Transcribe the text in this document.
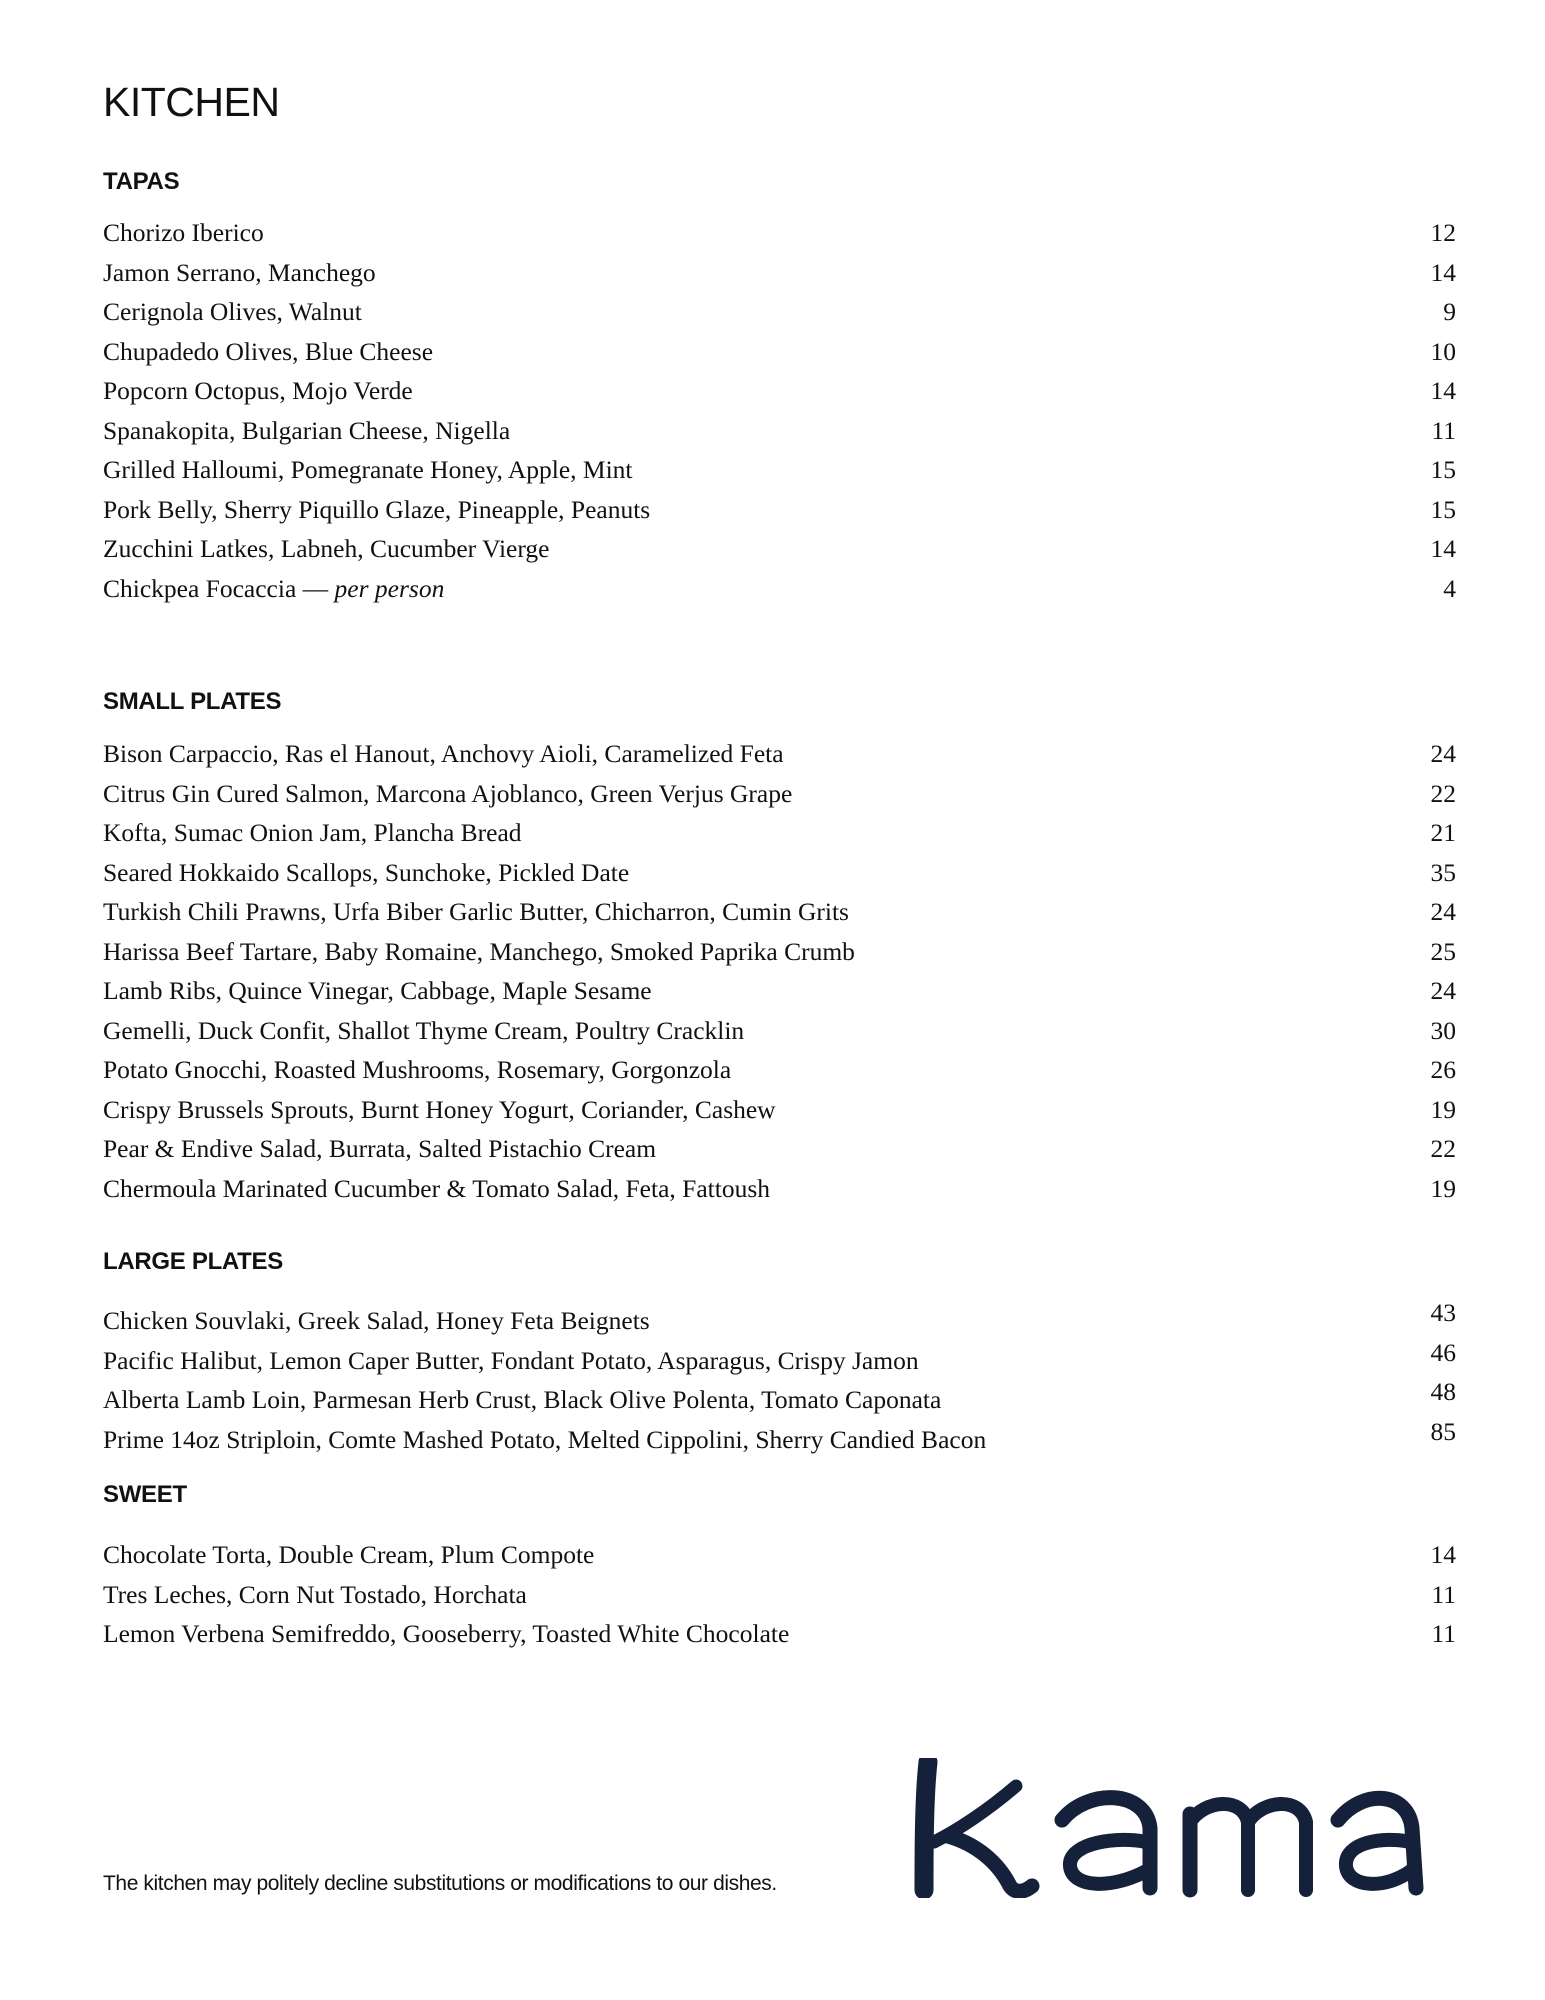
KITCHEN
TAPAS
Chorizo Iberico	12
Jamon Serrano, Manchego	14
Cerignola Olives, Walnut	9
Chupadedo Olives, Blue Cheese	10
Popcorn Octopus, Mojo Verde	14
Spanakopita, Bulgarian Cheese, Nigella	11
Grilled Halloumi, Pomegranate Honey, Apple, Mint	15
Pork Belly, Sherry Piquillo Glaze, Pineapple, Peanuts	15
Zucchini Latkes, Labneh, Cucumber Vierge	14
Chickpea Focaccia — per person	4
SMALL PLATES
Bison Carpaccio, Ras el Hanout, Anchovy Aioli, Caramelized Feta	24
Citrus Gin Cured Salmon, Marcona Ajoblanco, Green Verjus Grape	22
Kofta, Sumac Onion Jam, Plancha Bread	21
Seared Hokkaido Scallops, Sunchoke, Pickled Date	35
Turkish Chili Prawns, Urfa Biber Garlic Butter, Chicharron, Cumin Grits	24
Harissa Beef Tartare, Baby Romaine, Manchego, Smoked Paprika Crumb	25
Lamb Ribs, Quince Vinegar, Cabbage, Maple Sesame	24
Gemelli, Duck Confit, Shallot Thyme Cream, Poultry Cracklin	30
Potato Gnocchi, Roasted Mushrooms, Rosemary, Gorgonzola	26
Crispy Brussels Sprouts, Burnt Honey Yogurt, Coriander, Cashew	19
Pear & Endive Salad, Burrata, Salted Pistachio Cream	22
Chermoula Marinated Cucumber & Tomato Salad, Feta, Fattoush	19
LARGE PLATES
Chicken Souvlaki, Greek Salad, Honey Feta Beignets	43
Pacific Halibut, Lemon Caper Butter, Fondant Potato, Asparagus, Crispy Jamon	46
Alberta Lamb Loin, Parmesan Herb Crust, Black Olive Polenta, Tomato Caponata	48
Prime 14oz Striploin, Comte Mashed Potato, Melted Cippolini, Sherry Candied Bacon	85
SWEET
Chocolate Torta, Double Cream, Plum Compote	14
Tres Leches, Corn Nut Tostado, Horchata	11
Lemon Verbena Semifreddo, Gooseberry, Toasted White Chocolate	11

The kitchen may politely decline substitutions or modifications to our dishes.
